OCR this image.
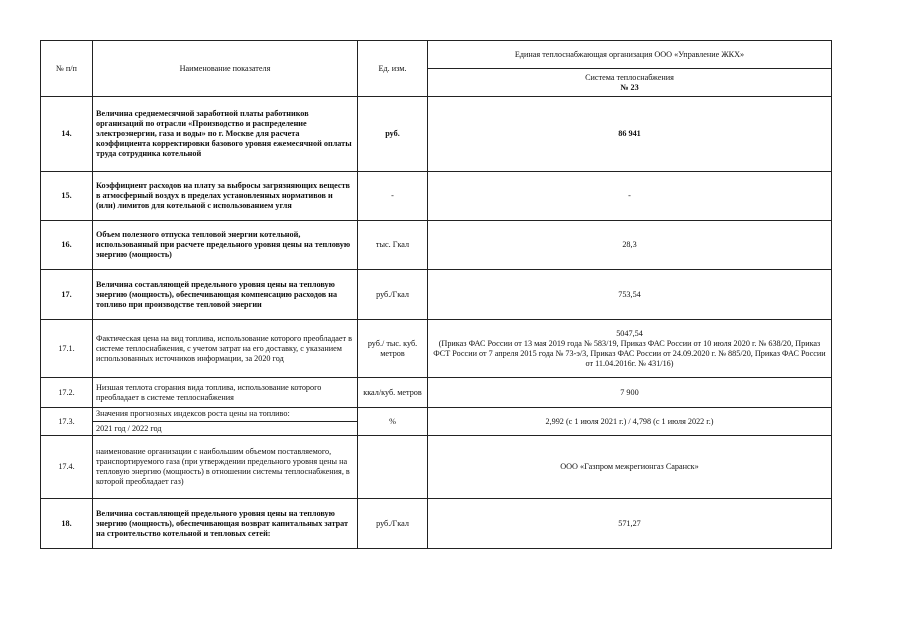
№ п/п	Наименование показателя	Ед. изм.	Единая теплоснабжающая организация ООО «Управление ЖКХ»

			Система теплоснабжения
№ 23

14.	Величина среднемесячной заработной платы работников организаций по отрасли «Производство и распределение электроэнергии, газа и воды» по г. Москве для расчета коэффициента корректировки базового уровня ежемесячной оплаты труда сотрудника котельной	руб.	86 941
15.	Коэффициент расходов на плату за выбросы загрязняющих веществ в атмосферный воздух в пределах установленных нормативов и (или) лимитов для котельной с использованием угля	-	-
16.	Объем полезного отпуска тепловой энергии котельной, использованный при расчете предельного уровня цены на тепловую энергию (мощность)	тыс. Гкал	28,3
17.	Величина составляющей предельного уровня цены на тепловую энергию (мощность), обеспечивающая компенсацию расходов на топливо при производстве тепловой энергии	руб./Гкал	753,54
17.1.	Фактическая цена на вид топлива, использование которого преобладает в системе теплоснабжения, с учетом затрат на его доставку, с указанием использованных источников информации, за 2020 год	руб./ тыс. куб. метров	5047,54
(Приказ ФАС России от 13 мая 2019 года № 583/19, Приказ ФАС России от 10 июля 2020 г. № 638/20, Приказ ФСТ России от 7 апреля 2015 года № 73-э/3, Приказ ФАС России от 24.09.2020 г. № 885/20, Приказ ФАС России от 11.04.2016г. № 431/16)

17.2.	Низшая теплота сгорания вида топлива, использование которого преобладает в системе теплоснабжения	ккал/куб. метров	7 900
17.3.	Значения прогнозных индексов роста цены на топливо:
2021 год / 2022 год	%	2,992 (с 1 июля 2021 г.) / 4,798 (с 1 июля 2022 г.)
17.4.	наименование организации с наибольшим объемом поставляемого, транспортируемого газа (при утверждении предельного уровня цены на тепловую энергию (мощность) в отношении системы теплоснабжения, в которой преобладает газ)		ООО «Газпром межрегионгаз Саранск»
18.	Величина составляющей предельного уровня цены на тепловую энергию (мощность), обеспечивающая возврат капитальных затрат на строительство котельной и тепловых сетей:	руб./Гкал	571,27
